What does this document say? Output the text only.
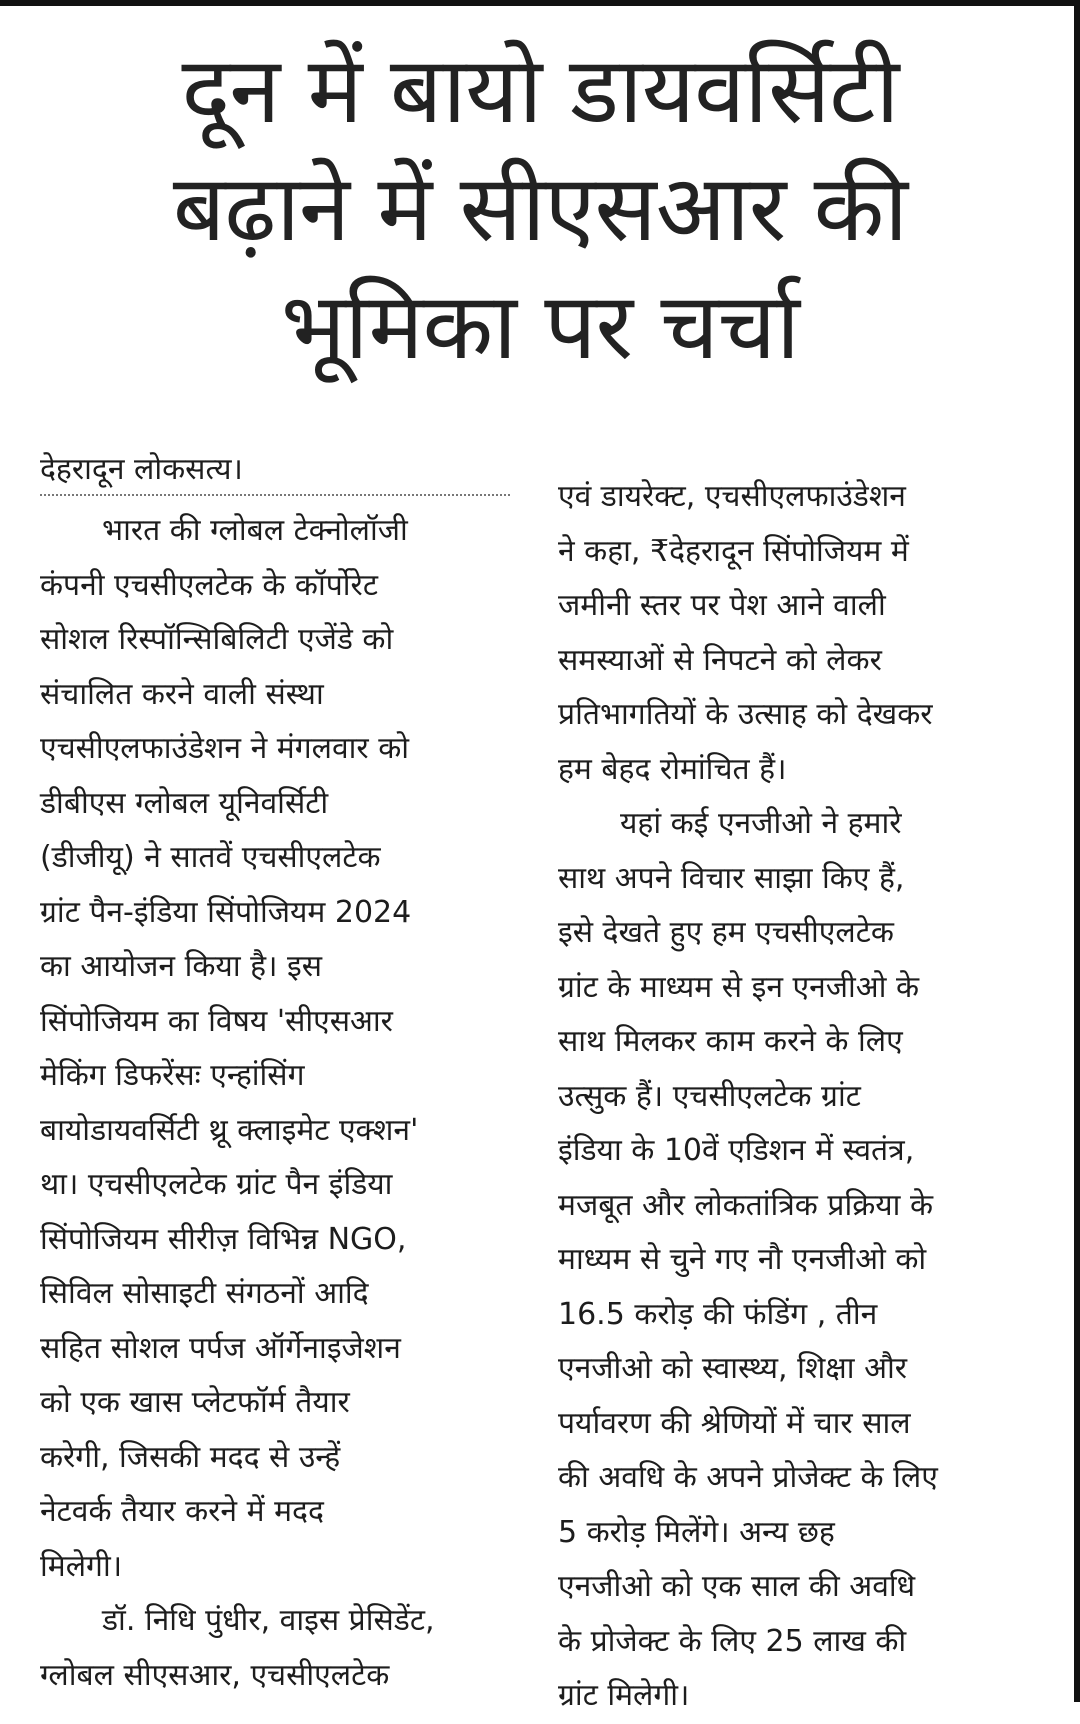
दून में बायो डायवर्सिटी
बढ़ाने में सीएसआर की
भूमिका पर चर्चा
देहरादून लोकसत्य।
भारत की ग्लोबल टेक्नोलॉजी
कंपनी एचसीएलटेक के कॉर्पोरेट
सोशल रिस्पॉन्सिबिलिटी एजेंडे को
संचालित करने वाली संस्था
एचसीएलफाउंडेशन ने मंगलवार को
डीबीएस ग्लोबल यूनिवर्सिटी
(डीजीयू) ने सातवें एचसीएलटेक
ग्रांट पैन-इंडिया सिंपोजियम 2024
का आयोजन किया है। इस
सिंपोजियम का विषय 'सीएसआर
मेकिंग डिफरेंसः एन्हांसिंग
बायोडायवर्सिटी थ्रू क्लाइमेट एक्शन'
था। एचसीएलटेक ग्रांट पैन इंडिया
सिंपोजियम सीरीज़ विभिन्न NGO,
सिविल सोसाइटी संगठनों आदि
सहित सोशल पर्पज ऑर्गेनाइजेशन
को एक खास प्लेटफॉर्म तैयार
करेगी, जिसकी मदद से उन्हें
नेटवर्क तैयार करने में मदद
मिलेगी।
डॉ. निधि पुंधीर, वाइस प्रेसिडेंट,
ग्लोबल सीएसआर, एचसीएलटेक
एवं डायरेक्ट, एचसीएलफाउंडेशन
ने कहा, ₹देहरादून सिंपोजियम में
जमीनी स्तर पर पेश आने वाली
समस्याओं से निपटने को लेकर
प्रतिभागतियों के उत्साह को देखकर
हम बेहद रोमांचित हैं।
यहां कई एनजीओ ने हमारे
साथ अपने विचार साझा किए हैं,
इसे देखते हुए हम एचसीएलटेक
ग्रांट के माध्यम से इन एनजीओ के
साथ मिलकर काम करने के लिए
उत्सुक हैं। एचसीएलटेक ग्रांट
इंडिया के 10वें एडिशन में स्वतंत्र,
मजबूत और लोकतांत्रिक प्रक्रिया के
माध्यम से चुने गए नौ एनजीओ को
16.5 करोड़ की फंडिंग , तीन
एनजीओ को स्वास्थ्य, शिक्षा और
पर्यावरण की श्रेणियों में चार साल
की अवधि के अपने प्रोजेक्ट के लिए
5 करोड़ मिलेंगे। अन्य छह
एनजीओ को एक साल की अवधि
के प्रोजेक्ट के लिए 25 लाख की
ग्रांट मिलेगी।
